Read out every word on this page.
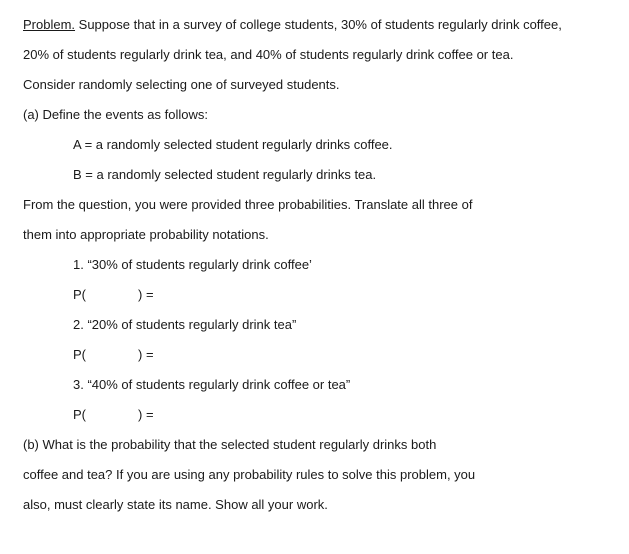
Problem. Suppose that in a survey of college students, 30% of students regularly drink coffee,
20% of students regularly drink tea, and 40% of students regularly drink coffee or tea.
Consider randomly selecting one of surveyed students.
(a) Define the events as follows:
A = a randomly selected student regularly drinks coffee.
B = a randomly selected student regularly drinks tea.
From the question, you were provided three probabilities. Translate all three of
them into appropriate probability notations.
1. “30% of students regularly drink coffee’
P(	) =
2. “20% of students regularly drink tea”
P(	) =
3. “40% of students regularly drink coffee or tea”
P(	) =
(b) What is the probability that the selected student regularly drinks both
coffee and tea? If you are using any probability rules to solve this problem, you
also, must clearly state its name. Show all your work.
